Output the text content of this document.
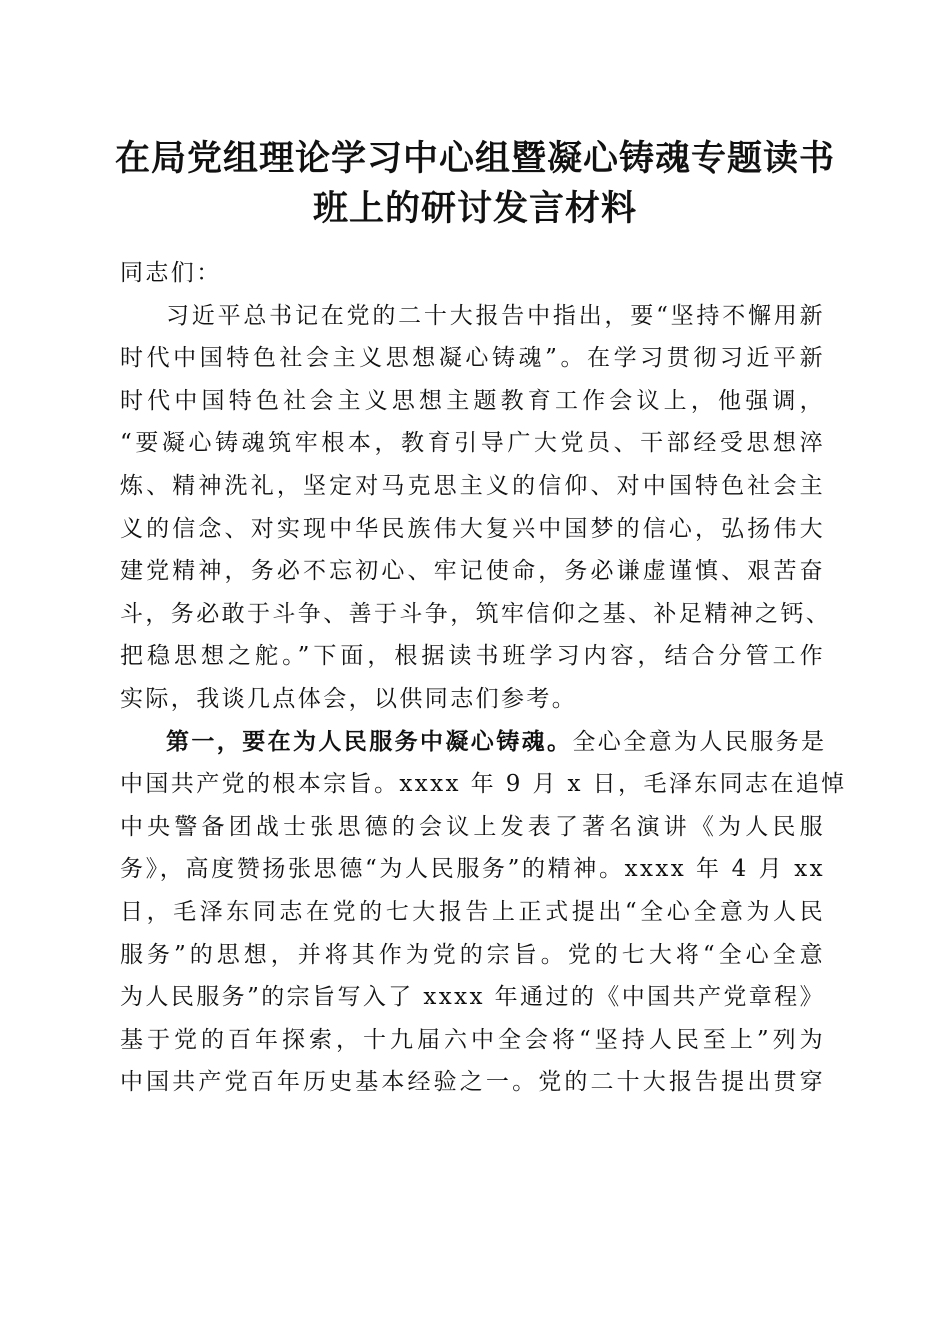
在局党组理论学习中心组暨凝心铸魂专题读书
班上的研讨发言材料
同志们：
习近平总书记在党的二十大报告中指出，要“坚持不懈用新
时代中国特色社会主义思想凝心铸魂”。在学习贯彻习近平新
时代中国特色社会主义思想主题教育工作会议上，他强调，
“要凝心铸魂筑牢根本，教育引导广大党员、干部经受思想淬
炼、精神洗礼，坚定对马克思主义的信仰、对中国特色社会主
义的信念、对实现中华民族伟大复兴中国梦的信心，弘扬伟大
建党精神，务必不忘初心、牢记使命，务必谦虚谨慎、艰苦奋
斗，务必敢于斗争、善于斗争，筑牢信仰之基、补足精神之钙、
把稳思想之舵。”下面，根据读书班学习内容，结合分管工作
实际，我谈几点体会，以供同志们参考。
第一，要在为人民服务中凝心铸魂。全心全意为人民服务是
中国共产党的根本宗旨。xxxx 年 9 月 x 日，毛泽东同志在追悼
中央警备团战士张思德的会议上发表了著名演讲《为人民服
务》，高度赞扬张思德“为人民服务”的精神。xxxx 年 4 月 xx
日，毛泽东同志在党的七大报告上正式提出“全心全意为人民
服务”的思想，并将其作为党的宗旨。党的七大将“全心全意
为人民服务”的宗旨写入了 xxxx 年通过的《中国共产党章程》
基于党的百年探索，十九届六中全会将“坚持人民至上”列为
中国共产党百年历史基本经验之一。党的二十大报告提出贯穿
